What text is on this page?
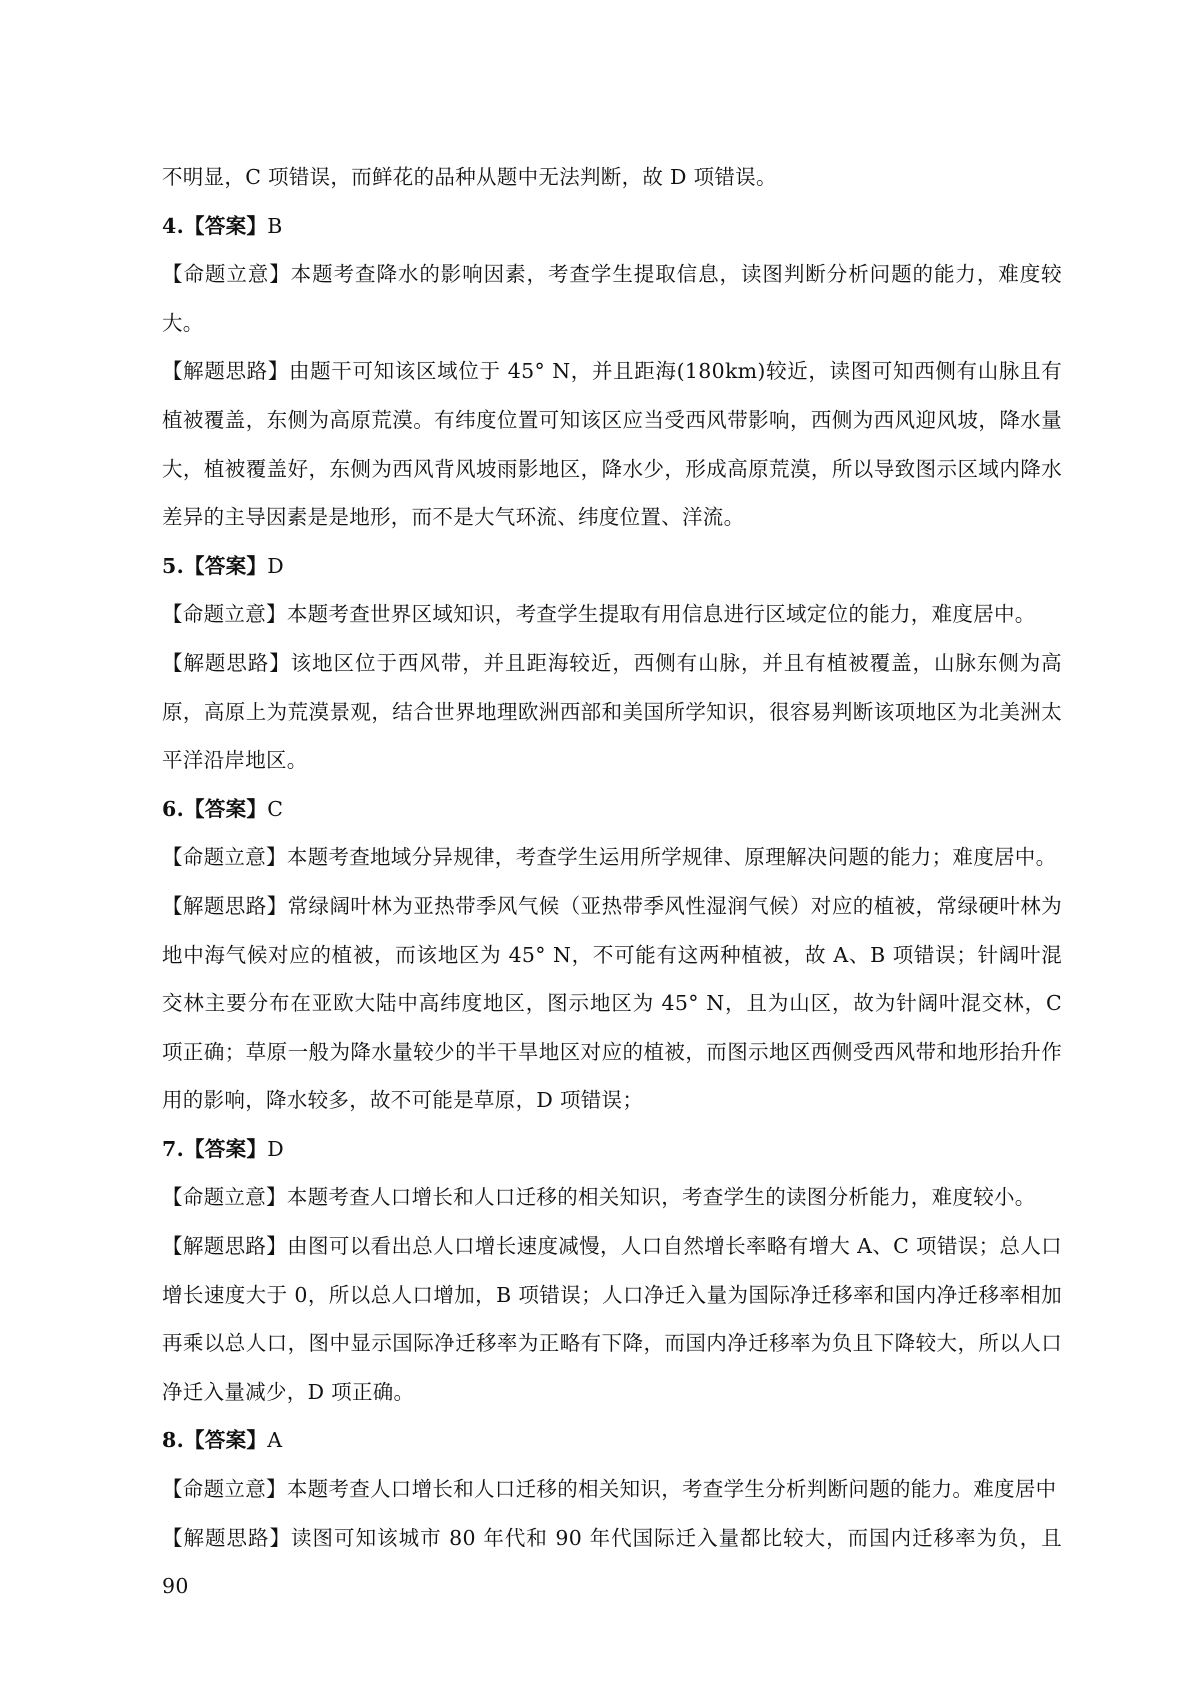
不明显，C 项错误，而鲜花的品种从题中无法判断，故 D 项错误。

4.【答案】B

【命题立意】本题考查降水的影响因素，考查学生提取信息，读图判断分析问题的能力，难度较大。

【解题思路】由题干可知该区域位于 45° N，并且距海(180km)较近，读图可知西侧有山脉且有植被覆盖，东侧为高原荒漠。有纬度位置可知该区应当受西风带影响，西侧为西风迎风坡，降水量大，植被覆盖好，东侧为西风背风坡雨影地区，降水少，形成高原荒漠，所以导致图示区域内降水差异的主导因素是是地形，而不是大气环流、纬度位置、洋流。

5.【答案】D

【命题立意】本题考查世界区域知识，考查学生提取有用信息进行区域定位的能力，难度居中。

【解题思路】该地区位于西风带，并且距海较近，西侧有山脉，并且有植被覆盖，山脉东侧为高原，高原上为荒漠景观，结合世界地理欧洲西部和美国所学知识，很容易判断该项地区为北美洲太平洋沿岸地区。

6.【答案】C

【命题立意】本题考查地域分异规律，考查学生运用所学规律、原理解决问题的能力；难度居中。

【解题思路】常绿阔叶林为亚热带季风气候（亚热带季风性湿润气候）对应的植被，常绿硬叶林为地中海气候对应的植被，而该地区为 45° N，不可能有这两种植被，故 A、B 项错误；针阔叶混交林主要分布在亚欧大陆中高纬度地区，图示地区为 45° N，且为山区，故为针阔叶混交林，C 项正确；草原一般为降水量较少的半干旱地区对应的植被，而图示地区西侧受西风带和地形抬升作用的影响，降水较多，故不可能是草原，D 项错误；

7.【答案】D

【命题立意】本题考查人口增长和人口迁移的相关知识，考查学生的读图分析能力，难度较小。

【解题思路】由图可以看出总人口增长速度减慢，人口自然增长率略有增大 A、C 项错误；总人口增长速度大于 0，所以总人口增加，B 项错误；人口净迁入量为国际净迁移率和国内净迁移率相加再乘以总人口，图中显示国际净迁移率为正略有下降，而国内净迁移率为负且下降较大，所以人口净迁入量减少，D 项正确。

8.【答案】A

【命题立意】本题考查人口增长和人口迁移的相关知识，考查学生分析判断问题的能力。难度居中

【解题思路】读图可知该城市 80 年代和 90 年代国际迁入量都比较大，而国内迁移率为负，且 90
